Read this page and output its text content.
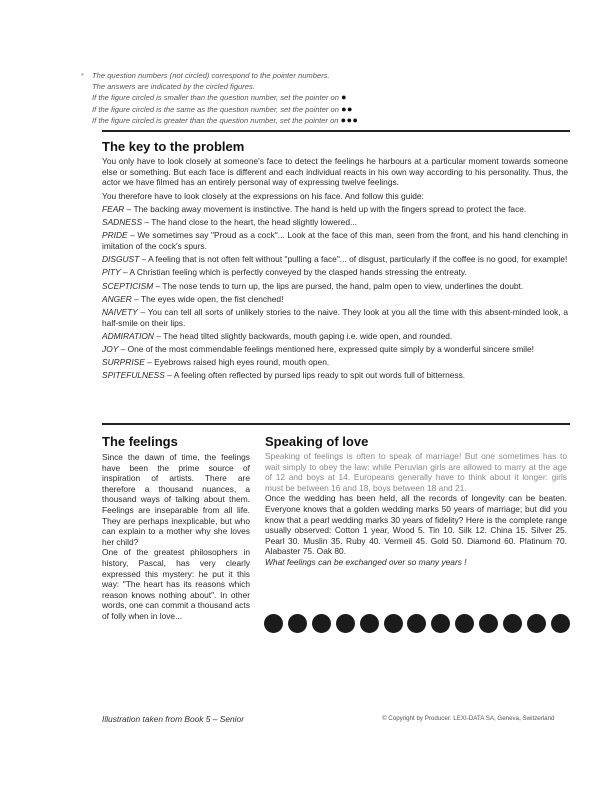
* The question numbers (not circled) correspond to the pointer numbers.
The answers are indicated by the circled figures.
If the figure circled is smaller than the question number, set the pointer on ●
If the figure circled is the same as the question number, set the pointer on ●●
If the figure circled is greater than the question number, set the pointer on ●●●
The key to the problem

You only have to look closely at someone's face to detect the feelings he harbours at a particular moment towards someone else or something. But each face is different and each individual reacts in his own way according to his personality. Thus, the actor we have filmed has an entirely personal way of expressing twelve feelings.

You therefore have to look closely at the expressions on his face. And follow this guide:

FEAR – The backing away movement is instinctive. The hand is held up with the fingers spread to protect the face.

SADNESS – The hand close to the heart, the head slightly lowered...

PRIDE – We sometimes say "Proud as a cock"... Look at the face of this man, seen from the front, and his hand clenching in imitation of the cock's spurs.

DISGUST – A feeling that is not often felt without "pulling a face"... of disgust, particularly if the coffee is no good, for example!

PITY – A Christian feeling which is perfectly conveyed by the clasped hands stressing the entreaty.

SCEPTICISM – The nose tends to turn up, the lips are pursed, the hand, palm open to view, underlines the doubt.

ANGER – The eyes wide open, the fist clenched!

NAIVETY – You can tell all sorts of unlikely stories to the naive. They look at you all the time with this absent-minded look, a half-smile on their lips.

ADMIRATION – The head tilted slightly backwards, mouth gaping i.e. wide open, and rounded.

JOY – One of the most commendable feelings mentioned here, expressed quite simply by a wonderful sincere smile!

SURPRISE – Eyebrows raised high eyes round, mouth open.

SPITEFULNESS – A feeling often reflected by pursed lips ready to spit out words full of bitterness.

The feelings

Since the dawn of time, the feelings have been the prime source of inspiration of artists. There are therefore a thousand nuances, a thousand ways of talking about them. Feelings are inseparable from all life. They are perhaps inexplicable, but who can explain to a mother why she loves her child?

One of the greatest philosophers in history, Pascal, has very clearly expressed this mystery: he put it this way: "The heart has its reasons which reason knows nothing about". In other words, one can commit a thousand acts of folly when in love...

Speaking of love

Speaking of feelings is often to speak of marriage! But one sometimes has to wait simply to obey the law: while Peruvian girls are allowed to marry at the age of 12 and boys at 14. Europeans generally have to think about it longer: girls must be between 16 and 18, boys between 18 and 21.

Once the wedding has been held, all the records of longevity can be beaten. Everyone knows that a golden wedding marks 50 years of marriage; but did you know that a pearl wedding marks 30 years of fidelity? Here is the complete range usually observed: Cotton 1 year, Wood 5. Tin 10. Silk 12. China 15. Silver 25. Pearl 30. Muslin 35. Ruby 40. Vermeil 45. Gold 50. Diamond 60. Platinum 70. Alabaster 75. Oak 80.

What feelings can be exchanged over so many years !

Illustration taken from Book 5 – Senior	© Copyright by Producer: LEXI-DATA SA, Geneva, Switzerland
